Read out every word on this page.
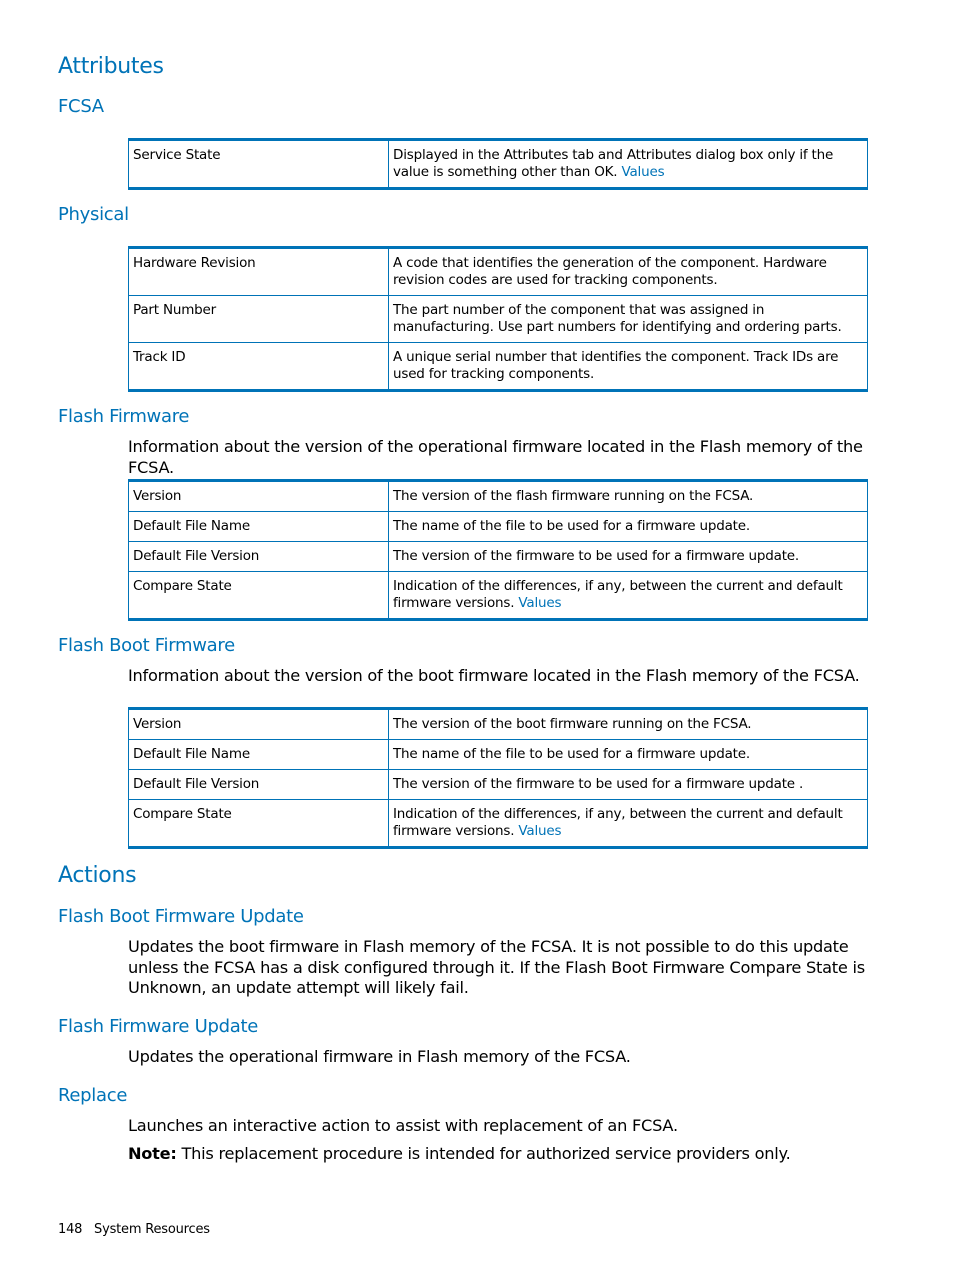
Attributes
FCSA
Service State	Displayed in the Attributes tab and Attributes dialog box only if the value is something other than OK. Values
Physical
Hardware Revision	A code that identifies the generation of the component. Hardware revision codes are used for tracking components.
Part Number	The part number of the component that was assigned in manufacturing. Use part numbers for identifying and ordering parts.
Track ID	A unique serial number that identifies the component. Track IDs are used for tracking components.
Flash Firmware

Information about the version of the operational firmware located in the Flash memory of the FCSA.

Version	The version of the flash firmware running on the FCSA.
Default File Name	The name of the file to be used for a firmware update.
Default File Version	The version of the firmware to be used for a firmware update.
Compare State	Indication of the differences, if any, between the current and default firmware versions. Values
Flash Boot Firmware

Information about the version of the boot firmware located in the Flash memory of the FCSA.

Version	The version of the boot firmware running on the FCSA.
Default File Name	The name of the file to be used for a firmware update.
Default File Version	The version of the firmware to be used for a firmware update .
Compare State	Indication of the differences, if any, between the current and default firmware versions. Values
Actions
Flash Boot Firmware Update

Updates the boot firmware in Flash memory of the FCSA. It is not possible to do this update unless the FCSA has a disk configured through it. If the Flash Boot Firmware Compare State is Unknown, an update attempt will likely fail.

Flash Firmware Update

Updates the operational firmware in Flash memory of the FCSA.

Replace

Launches an interactive action to assist with replacement of an FCSA.

Note: This replacement procedure is intended for authorized service providers only.

148 System Resources
